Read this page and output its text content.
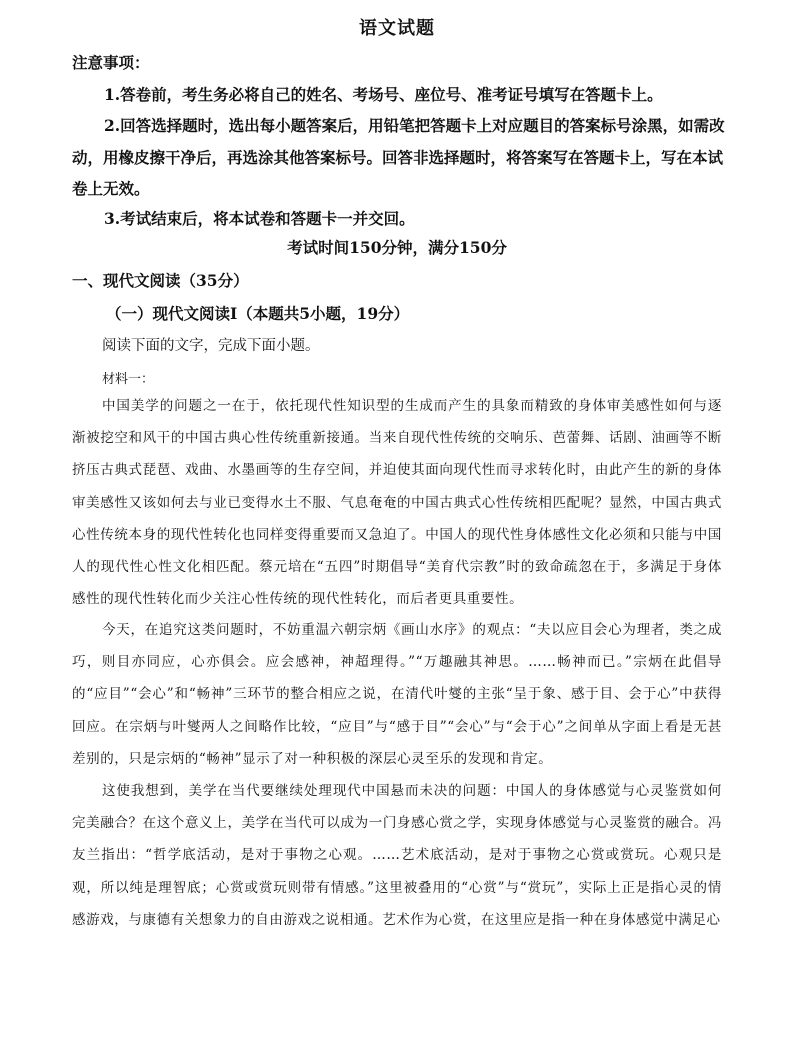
语文试题
注意事项：
1.答卷前，考生务必将自己的姓名、考场号、座位号、准考证号填写在答题卡上。
2.回答选择题时，选出每小题答案后，用铅笔把答题卡上对应题目的答案标号涂黑，如需改动，用橡皮擦干净后，再选涂其他答案标号。回答非选择题时，将答案写在答题卡上，写在本试卷上无效。
3.考试结束后，将本试卷和答题卡一并交回。
考试时间150分钟，满分150分
一、现代文阅读（35分）
（一）现代文阅读Ⅰ（本题共5小题，19分）
阅读下面的文字，完成下面小题。
材料一：
中国美学的问题之一在于，依托现代性知识型的生成而产生的具象而精致的身体审美感性如何与逐渐被挖空和风干的中国古典心性传统重新接通。当来自现代性传统的交响乐、芭蕾舞、话剧、油画等不断挤压古典式琵琶、戏曲、水墨画等的生存空间，并迫使其面向现代性而寻求转化时，由此产生的新的身体审美感性又该如何去与业已变得水土不服、气息奄奄的中国古典式心性传统相匹配呢？显然，中国古典式心性传统本身的现代性转化也同样变得重要而又急迫了。中国人的现代性身体感性文化必须和只能与中国人的现代性心性文化相匹配。蔡元培在“五四”时期倡导“美育代宗教”时的致命疏忽在于，多满足于身体感性的现代性转化而少关注心性传统的现代性转化，而后者更具重要性。
今天，在追究这类问题时，不妨重温六朝宗炳《画山水序》的观点：“夫以应目会心为理者，类之成巧，则目亦同应，心亦俱会。应会感神，神超理得。”“万趣融其神思。……畅神而已。”宗炳在此倡导的“应目”“会心”和“畅神”三环节的整合相应之说，在清代叶燮的主张“呈于象、感于目、会于心”中获得回应。在宗炳与叶燮两人之间略作比较，“应目”与“感于目”“会心”与“会于心”之间单从字面上看是无甚差别的，只是宗炳的“畅神”显示了对一种积极的深层心灵至乐的发现和肯定。
这使我想到，美学在当代要继续处理现代中国悬而未决的问题：中国人的身体感觉与心灵鉴赏如何完美融合？在这个意义上，美学在当代可以成为一门身感心赏之学，实现身体感觉与心灵鉴赏的融合。冯友兰指出：“哲学底活动，是对于事物之心观。……艺术底活动，是对于事物之心赏或赏玩。心观只是观，所以纯是理智底；心赏或赏玩则带有情感。”这里被叠用的“心赏”与“赏玩”，实际上正是指心灵的情感游戏，与康德有关想象力的自由游戏之说相通。艺术作为心赏，在这里应是指一种在身体感觉中满足心
